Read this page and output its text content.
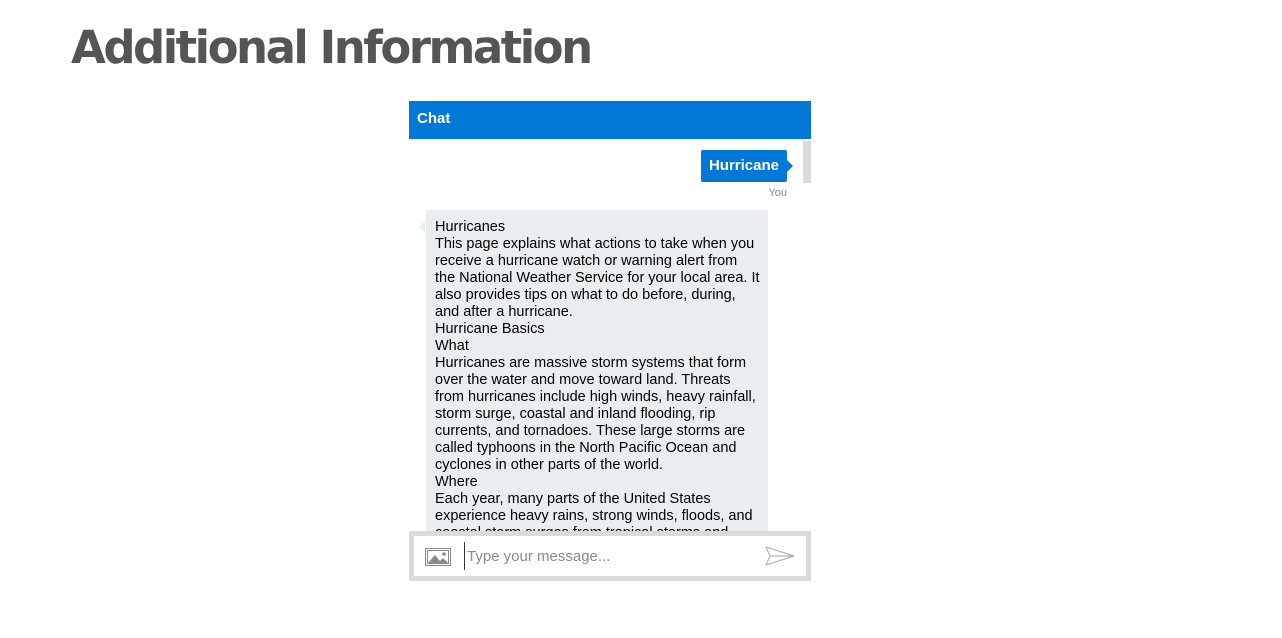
Additional Information
Chat
Hurricane
You
Hurricanes
This page explains what actions to take when you receive a hurricane watch or warning alert from the National Weather Service for your local area. It also provides tips on what to do before, during, and after a hurricane.
Hurricane Basics
What
Hurricanes are massive storm systems that form over the water and move toward land. Threats from hurricanes include high winds, heavy rainfall, storm surge, coastal and inland flooding, rip currents, and tornadoes. These large storms are called typhoons in the North Pacific Ocean and cyclones in other parts of the world.
Where
Each year, many parts of the United States experience heavy rains, strong winds, floods, and
Type your message...
